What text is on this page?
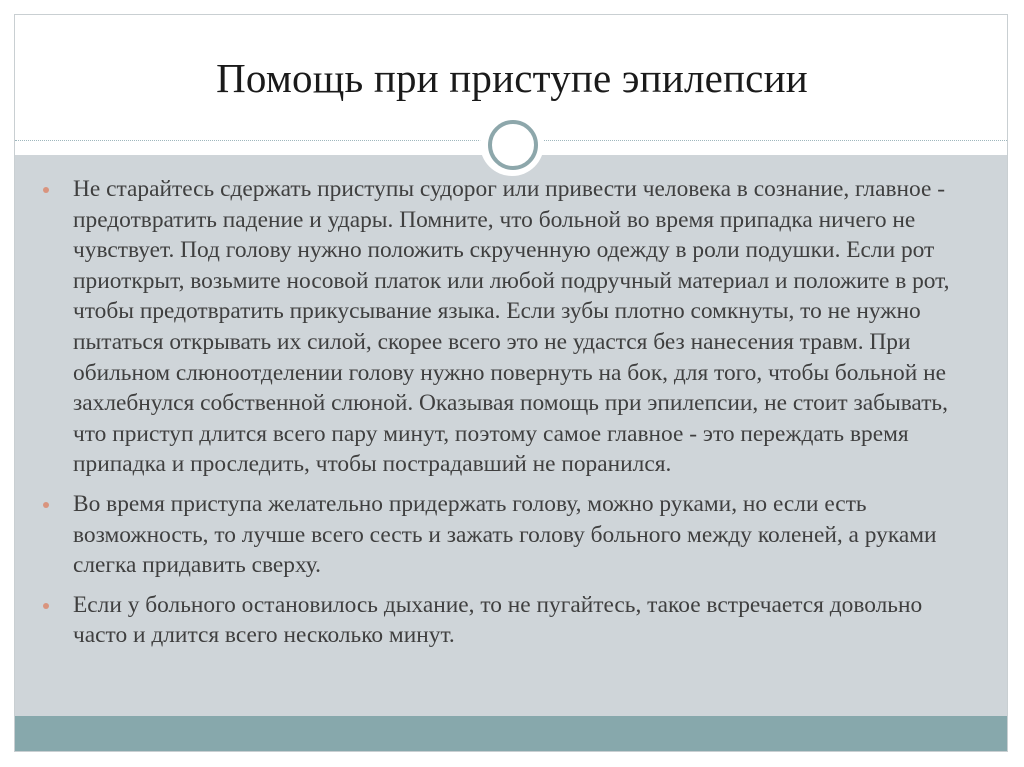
Помощь при приступе эпилепсии
Не старайтесь сдержать приступы судорог или привести человека в сознание, главное - предотвратить падение и удары. Помните, что больной во время припадка ничего не чувствует. Под голову нужно положить скрученную одежду в роли подушки. Если рот приоткрыт, возьмите носовой платок или любой подручный материал и положите в рот, чтобы предотвратить прикусывание языка. Если зубы плотно сомкнуты, то не нужно пытаться открывать их силой, скорее всего это не удастся без нанесения травм. При обильном слюноотделении голову нужно повернуть на бок, для того, чтобы больной не захлебнулся собственной слюной. Оказывая помощь при эпилепсии, не стоит забывать, что приступ длится всего пару минут, поэтому самое главное - это переждать время припадка и проследить, чтобы пострадавший не поранился.
Во время приступа желательно придержать голову, можно руками, но если есть возможность, то лучше всего сесть и зажать голову больного между коленей, а руками слегка придавить сверху.
Если у больного остановилось дыхание, то не пугайтесь, такое встречается довольно часто и длится всего несколько минут.
